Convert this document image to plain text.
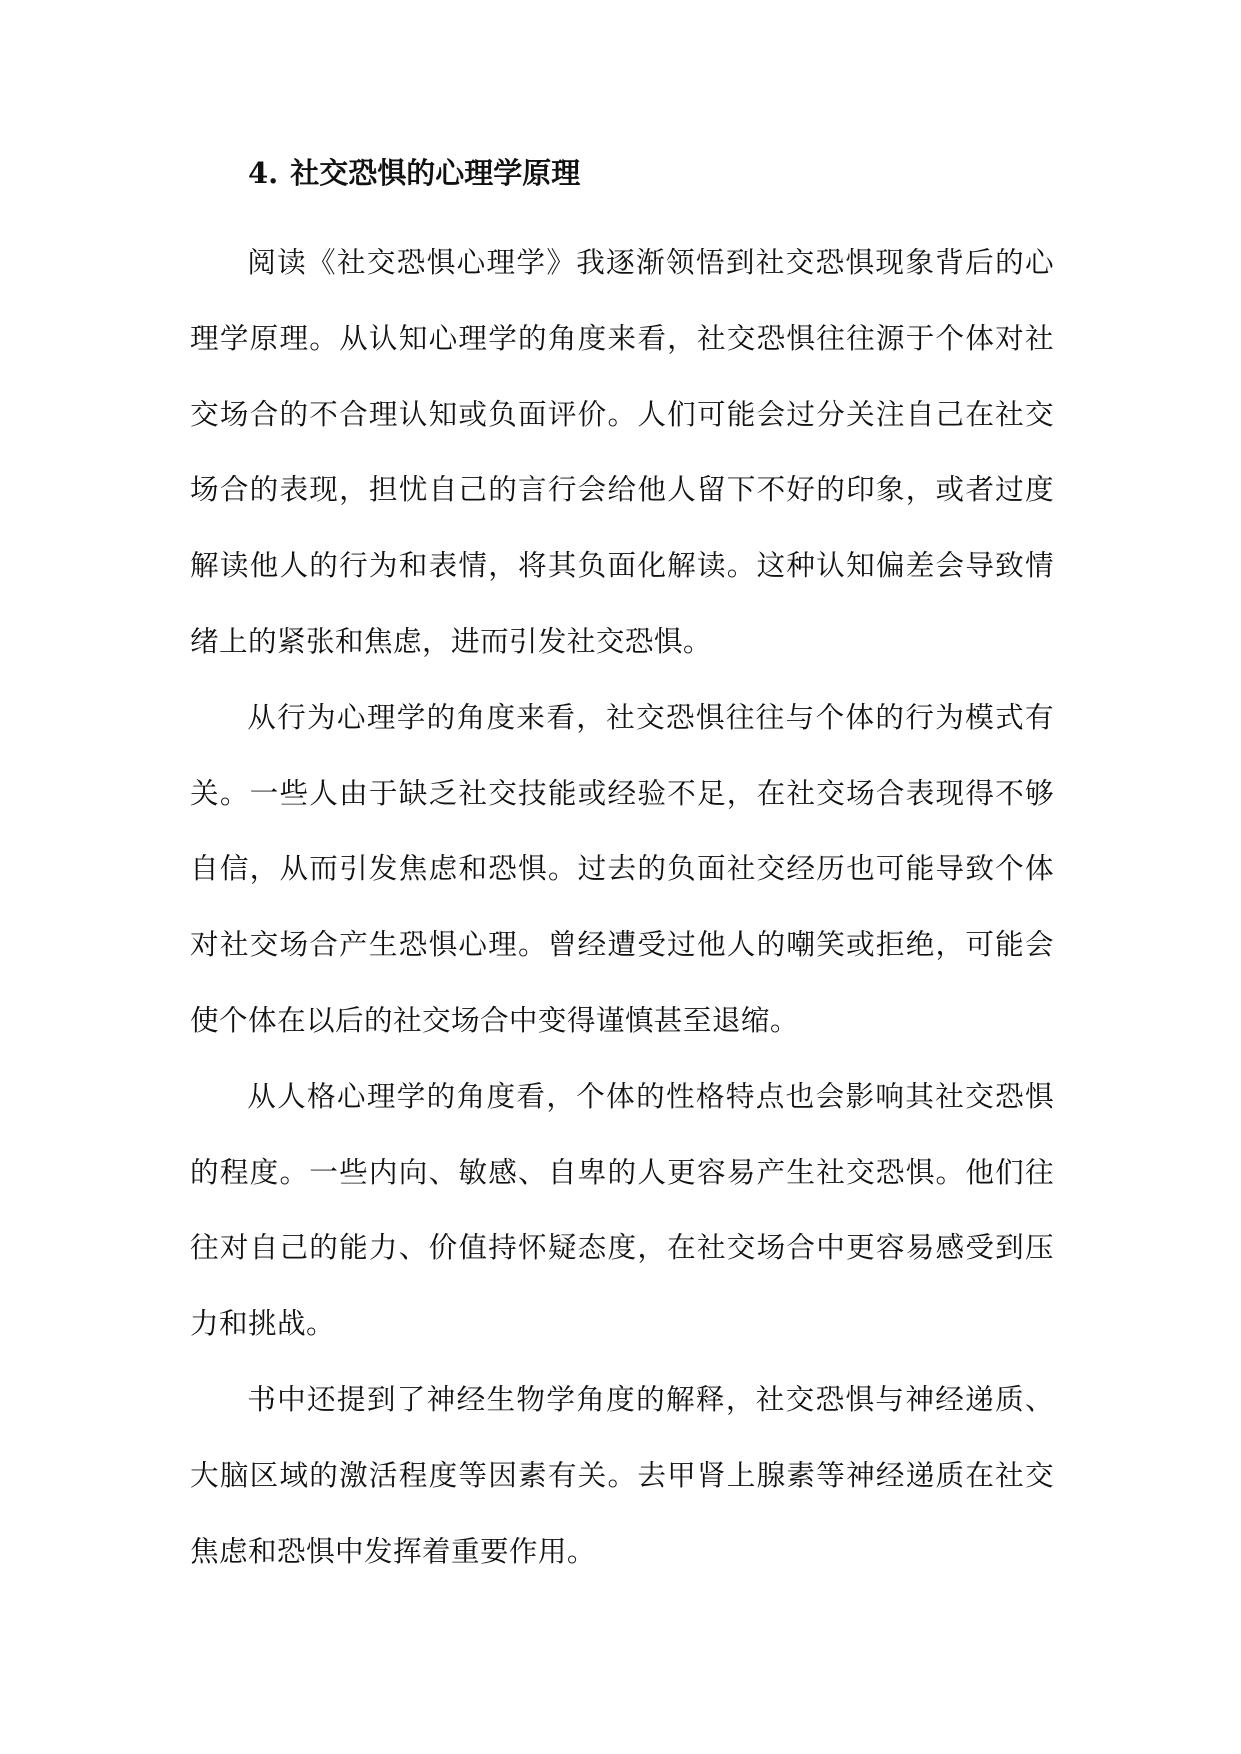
4. 社交恐惧的心理学原理

阅读《社交恐惧心理学》我逐渐领悟到社交恐惧现象背后的心理学原理。从认知心理学的角度来看，社交恐惧往往源于个体对社交场合的不合理认知或负面评价。人们可能会过分关注自己在社交场合的表现，担忧自己的言行会给他人留下不好的印象，或者过度解读他人的行为和表情，将其负面化解读。这种认知偏差会导致情绪上的紧张和焦虑，进而引发社交恐惧。

从行为心理学的角度来看，社交恐惧往往与个体的行为模式有关。一些人由于缺乏社交技能或经验不足，在社交场合表现得不够自信，从而引发焦虑和恐惧。过去的负面社交经历也可能导致个体对社交场合产生恐惧心理。曾经遭受过他人的嘲笑或拒绝，可能会使个体在以后的社交场合中变得谨慎甚至退缩。

从人格心理学的角度看，个体的性格特点也会影响其社交恐惧的程度。一些内向、敏感、自卑的人更容易产生社交恐惧。他们往往对自己的能力、价值持怀疑态度，在社交场合中更容易感受到压力和挑战。

书中还提到了神经生物学角度的解释，社交恐惧与神经递质、大脑区域的激活程度等因素有关。去甲肾上腺素等神经递质在社交焦虑和恐惧中发挥着重要作用。
